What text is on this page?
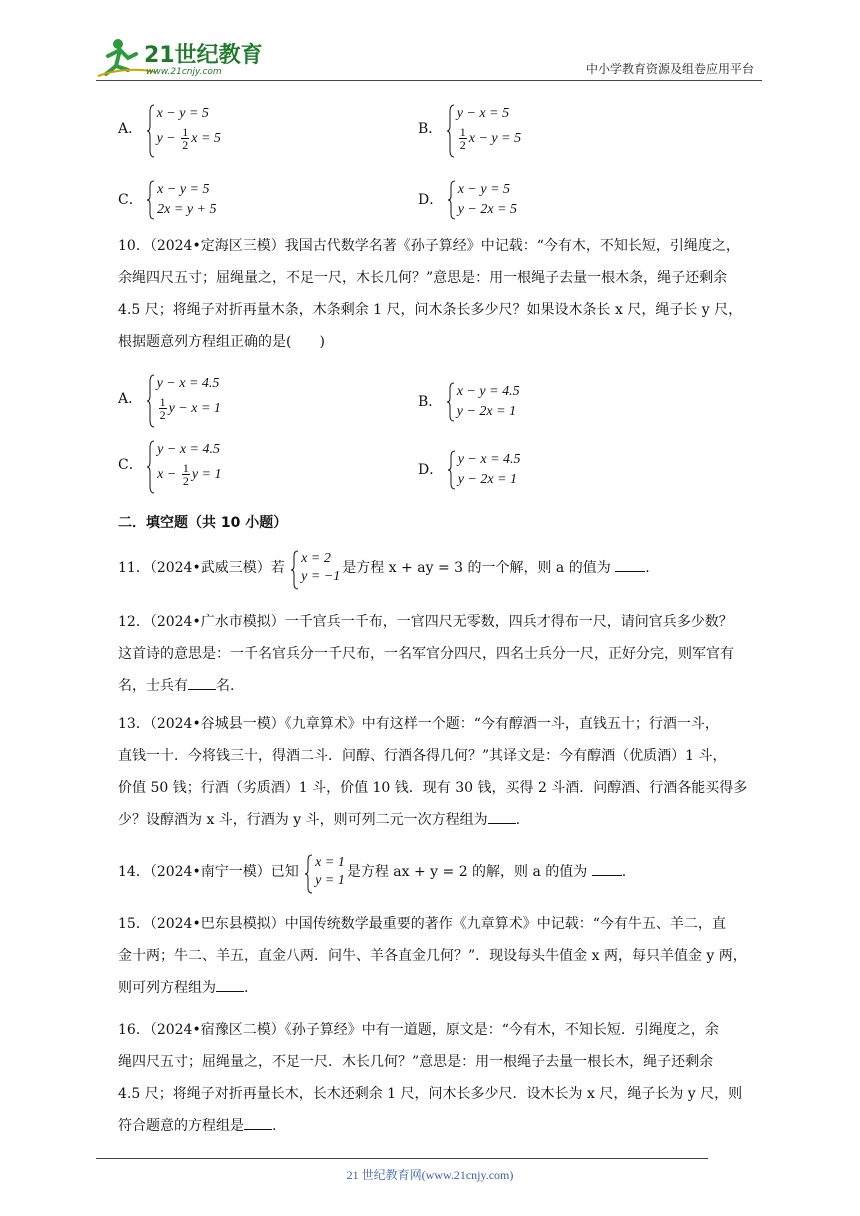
21世纪教育
www.21cnjy.com	中小学教育资源及组卷应用平台
A．
x − y = 5
$y - \frac{1}{2}$ x = 5
B．
y − x = 5
$\frac{1}{2}$ x − y = 5
C．
x − y = 5
2x = y + 5
D．
x − y = 5
y − 2x = 5
10．（2024•定海区三模）我国古代数学名著《孙子算经》中记载：“今有木，不知长短，引绳度之，
余绳四尺五寸；屈绳量之，不足一尺，木长几何？”意思是：用一根绳子去量一根木条，绳子还剩余
4.5 尺；将绳子对折再量木条，木条剩余 1 尺，问木条长多少尺？如果设木条长 x 尺，绳子长 y 尺，
根据题意列方程组正确的是(　　)
A．
y − x = 4.5
$\frac{1}{2}$ y − x = 1	B．
x − y = 4.5
y − 2x = 1
C．
y − x = 4.5
$x - \frac{1}{2}$ y = 1	D．
y − x = 4.5
y − 2x = 1
二．填空题（共 10 小题）
11．（2024•武威三模）若
x = 2
y = −1
是方程 x + ay = 3 的一个解，则 a 的值为 .
12．（2024•广水市模拟）一千官兵一千布，一官四尺无零数，四兵才得布一尺，请问官兵多少数？
这首诗的意思是：一千名官兵分一千尺布，一名军官分四尺，四名士兵分一尺，正好分完，则军官有
名，士兵有 名.
13．（2024•谷城县一模）《九章算术》中有这样一个题：“今有醇酒一斗，直钱五十；行酒一斗，
直钱一十．今将钱三十，得酒二斗．问醇、行酒各得几何？”其译文是：今有醇酒（优质酒）1 斗，
价值 50 钱；行酒（劣质酒）1 斗，价值 10 钱．现有 30 钱，买得 2 斗酒．问醇酒、行酒各能买得多
少？设醇酒为 x 斗，行酒为 y 斗，则可列二元一次方程组为 .
14．（2024•南宁一模）已知
x = 1
y = 1
是方程 ax + y = 2 的解，则 a 的值为 .
15．（2024•巴东县模拟）中国传统数学最重要的著作《九章算术》中记载：“今有牛五、羊二，直
金十两；牛二、羊五，直金八两．问牛、羊各直金几何？”．现设每头牛值金 x 两，每只羊值金 y 两，
则可列方程组为 .
16．（2024•宿豫区二模）《孙子算经》中有一道题，原文是：“今有木，不知长短．引绳度之，余
绳四尺五寸；屈绳量之，不足一尺．木长几何？”意思是：用一根绳子去量一根长木，绳子还剩余
4.5 尺；将绳子对折再量长木，长木还剩余 1 尺，问木长多少尺．设木长为 x 尺，绳子长为 y 尺，则
符合题意的方程组是 .
21 世纪教育网(www.21cnjy.com)
